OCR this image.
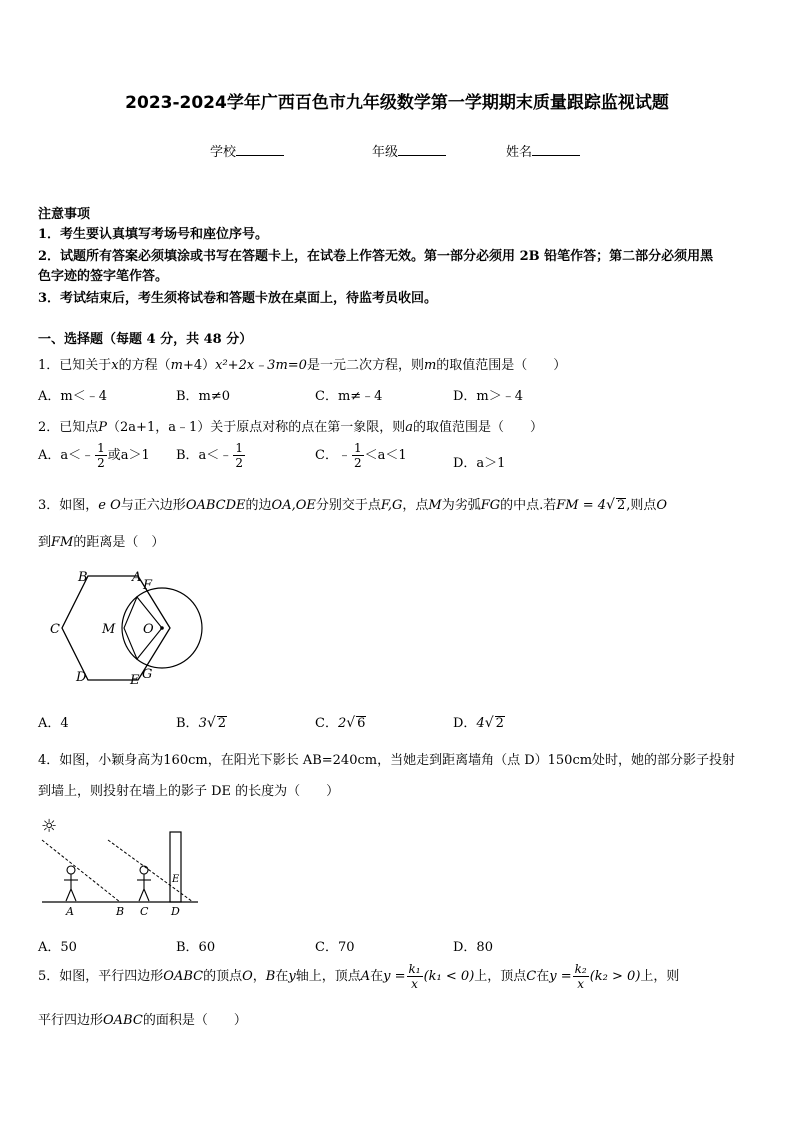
2023-2024学年广西百色市九年级数学第一学期期末质量跟踪监视试题
学校	年级	姓名
注意事项
1．考生要认真填写考场号和座位序号。
2．试题所有答案必须填涂或书写在答题卡上，在试卷上作答无效。第一部分必须用 2B 铅笔作答；第二部分必须用黑
色字迹的签字笔作答。
3．考试结束后，考生须将试卷和答题卡放在桌面上，待监考员收回。
一、选择题（每题 4 分，共 48 分）
1．已知关于x的方程（m+4）x²+2x﹣3m=0是一元二次方程，则m的取值范围是（　　）
A．m＜﹣4	B．m≠0	C．m≠﹣4	D．m＞﹣4
2．已知点P（2a+1，a﹣1）关于原点对称的点在第一象限，则a的取值范围是（　　）
A．a＜﹣ $\frac{1}{2}$ 或a＞1 B．a＜﹣ $\frac{1}{2}$	C．﹣ $\frac{1}{2} <a<1$
D．a＞1
3．如图，e O与正六边形OABCDE的边OA,OE分别交于点F,G，点M为劣弧FG的中点.若FM = 4√ 2,则点O
到FM的距离是（　）
B	A
F
C	M O
D	E G
A．4	B．3√ 2	C．2√ 6	D．4√ 2
4．如图，小颖身高为160cm，在阳光下影长 AB=240cm，当她走到距离墙角（点 D）150cm处时，她的部分影子投射
到墙上，则投射在墙上的影子 DE 的长度为（　　）
☼
A	B C D
E
A．50	B．60	C．70	D．80
5．如图，平行四边形OABC的顶点O，B在y轴上，顶点A在$y = \frac{\text{k₁}}{x} (k_1 < 0)$上，顶点C在$y = \frac{\text{k₂}}{x} (k_2 > 0)$上，则
平行四边形OABC的面积是（　　）
